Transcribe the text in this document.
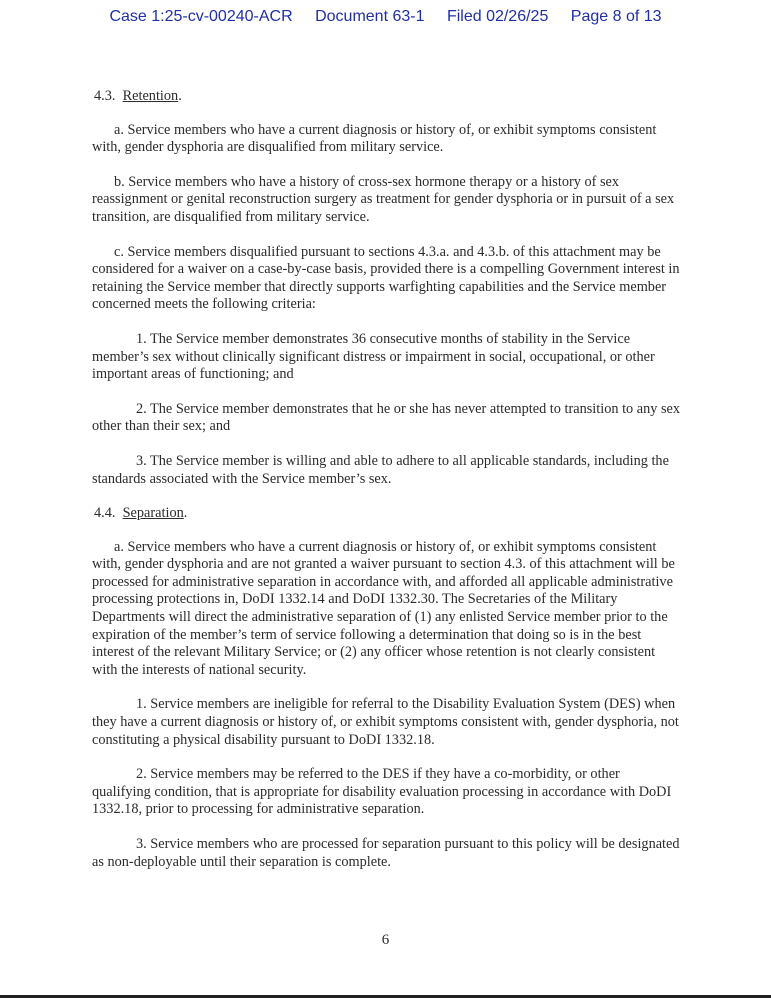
Case 1:25-cv-00240-ACR Document 63-1 Filed 02/26/25 Page 8 of 13
4.3. Retention.

a. Service members who have a current diagnosis or history of, or exhibit symptoms consistent with, gender dysphoria are disqualified from military service.

b. Service members who have a history of cross-sex hormone therapy or a history of sex reassignment or genital reconstruction surgery as treatment for gender dysphoria or in pursuit of a sex transition, are disqualified from military service.

c. Service members disqualified pursuant to sections 4.3.a. and 4.3.b. of this attachment may be considered for a waiver on a case-by-case basis, provided there is a compelling Government interest in retaining the Service member that directly supports warfighting capabilities and the Service member concerned meets the following criteria:

1. The Service member demonstrates 36 consecutive months of stability in the Service member’s sex without clinically significant distress or impairment in social, occupational, or other important areas of functioning; and

2. The Service member demonstrates that he or she has never attempted to transition to any sex other than their sex; and

3. The Service member is willing and able to adhere to all applicable standards, including the standards associated with the Service member’s sex.

4.4. Separation.

a. Service members who have a current diagnosis or history of, or exhibit symptoms consistent with, gender dysphoria and are not granted a waiver pursuant to section 4.3. of this attachment will be processed for administrative separation in accordance with, and afforded all applicable administrative processing protections in, DoDI 1332.14 and DoDI 1332.30. The Secretaries of the Military Departments will direct the administrative separation of (1) any enlisted Service member prior to the expiration of the member’s term of service following a determination that doing so is in the best interest of the relevant Military Service; or (2) any officer whose retention is not clearly consistent with the interests of national security.

1. Service members are ineligible for referral to the Disability Evaluation System (DES) when they have a current diagnosis or history of, or exhibit symptoms consistent with, gender dysphoria, not constituting a physical disability pursuant to DoDI 1332.18.

2. Service members may be referred to the DES if they have a co-morbidity, or other qualifying condition, that is appropriate for disability evaluation processing in accordance with DoDI 1332.18, prior to processing for administrative separation.

3. Service members who are processed for separation pursuant to this policy will be designated as non-deployable until their separation is complete.

6
